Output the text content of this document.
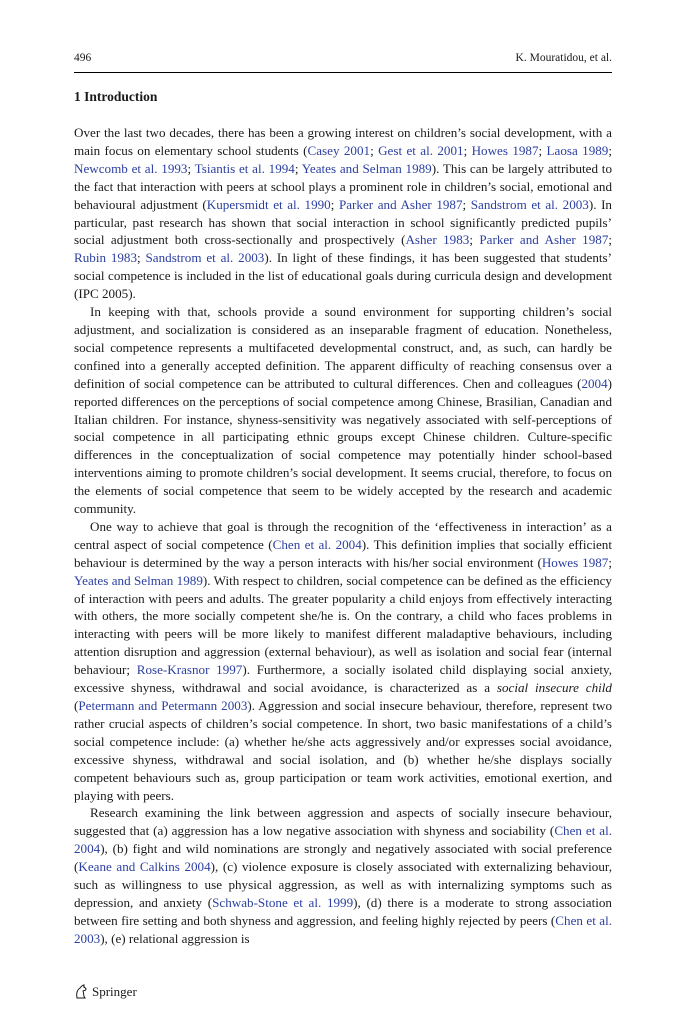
496	K. Mouratidou, et al.
1 Introduction

Over the last two decades, there has been a growing interest on children’s social development, with a main focus on elementary school students (Casey 2001; Gest et al. 2001; Howes 1987; Laosa 1989; Newcomb et al. 1993; Tsiantis et al. 1994; Yeates and Selman 1989). This can be largely attributed to the fact that interaction with peers at school plays a prominent role in children’s social, emotional and behavioural adjustment (Kupersmidt et al. 1990; Parker and Asher 1987; Sandstrom et al. 2003). In particular, past research has shown that social interaction in school significantly predicted pupils’ social adjustment both cross-sectionally and prospectively (Asher 1983; Parker and Asher 1987; Rubin 1983; Sandstrom et al. 2003). In light of these findings, it has been suggested that students’ social competence is included in the list of educational goals during curricula design and development (IPC 2005).

In keeping with that, schools provide a sound environment for supporting children’s social adjustment, and socialization is considered as an inseparable fragment of education. Nonetheless, social competence represents a multifaceted developmental construct, and, as such, can hardly be confined into a generally accepted definition. The apparent difficulty of reaching consensus over a definition of social competence can be attributed to cultural differences. Chen and colleagues (2004) reported differences on the perceptions of social competence among Chinese, Brasilian, Canadian and Italian children. For instance, shyness-sensitivity was negatively associated with self-perceptions of social competence in all participating ethnic groups except Chinese children. Culture-specific differences in the conceptualization of social competence may potentially hinder school-based interventions aiming to promote children’s social development. It seems crucial, therefore, to focus on the elements of social competence that seem to be widely accepted by the research and academic community.

One way to achieve that goal is through the recognition of the ‘effectiveness in interaction’ as a central aspect of social competence (Chen et al. 2004). This definition implies that socially efficient behaviour is determined by the way a person interacts with his/her social environment (Howes 1987; Yeates and Selman 1989). With respect to children, social competence can be defined as the efficiency of interaction with peers and adults. The greater popularity a child enjoys from effectively interacting with others, the more socially competent she/he is. On the contrary, a child who faces problems in interacting with peers will be more likely to manifest different maladaptive behaviours, including attention disruption and aggression (external behaviour), as well as isolation and social fear (internal behaviour; Rose-Krasnor 1997). Furthermore, a socially isolated child displaying social anxiety, excessive shyness, withdrawal and social avoidance, is characterized as a social insecure child (Petermann and Petermann 2003). Aggression and social insecure behaviour, therefore, represent two rather crucial aspects of children’s social competence. In short, two basic manifestations of a child’s social competence include: (a) whether he/she acts aggressively and/or expresses social avoidance, excessive shyness, withdrawal and social isolation, and (b) whether he/she displays socially competent behaviours such as, group participation or team work activities, emotional exertion, and playing with peers.

Research examining the link between aggression and aspects of socially insecure behaviour, suggested that (a) aggression has a low negative association with shyness and sociability (Chen et al. 2004), (b) fight and wild nominations are strongly and negatively associated with social preference (Keane and Calkins 2004), (c) violence exposure is closely associated with externalizing behaviour, such as willingness to use physical aggression, as well as with internalizing symptoms such as depression, and anxiety (Schwab-Stone et al. 1999), (d) there is a moderate to strong association between fire setting and both shyness and aggression, and feeling highly rejected by peers (Chen et al. 2003), (e) relational aggression is

Springer
